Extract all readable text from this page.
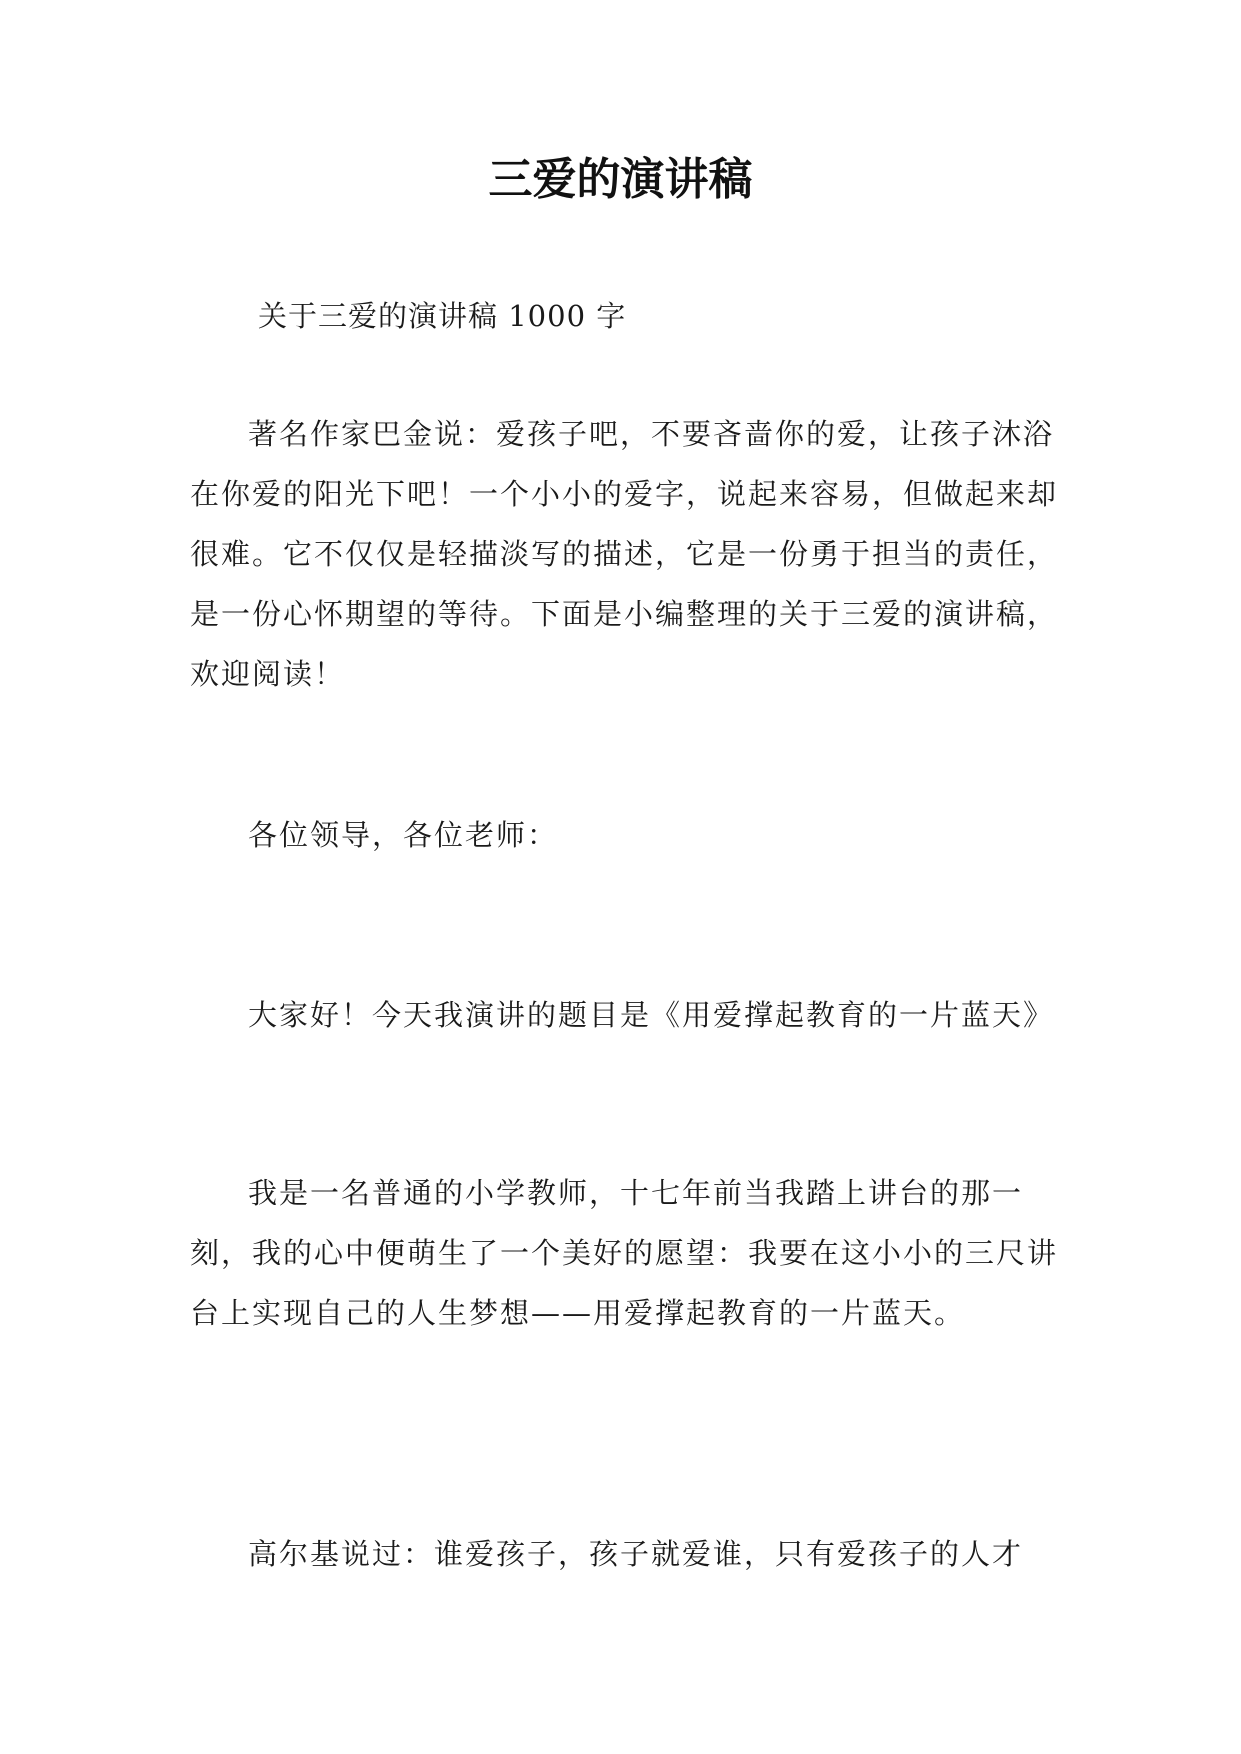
三爱的演讲稿
关于三爱的演讲稿 1000 字
著名作家巴金说：爱孩子吧，不要吝啬你的爱，让孩子沐浴在你爱的阳光下吧！一个小小的爱字，说起来容易，但做起来却很难。它不仅仅是轻描淡写的描述，它是一份勇于担当的责任，是一份心怀期望的等待。下面是小编整理的关于三爱的演讲稿，欢迎阅读！
各位领导，各位老师：
大家好！今天我演讲的题目是《用爱撑起教育的一片蓝天》
我是一名普通的小学教师，十七年前当我踏上讲台的那一刻，我的心中便萌生了一个美好的愿望：我要在这小小的三尺讲台上实现自己的人生梦想——用爱撑起教育的一片蓝天。
高尔基说过：谁爱孩子，孩子就爱谁，只有爱孩子的人才
